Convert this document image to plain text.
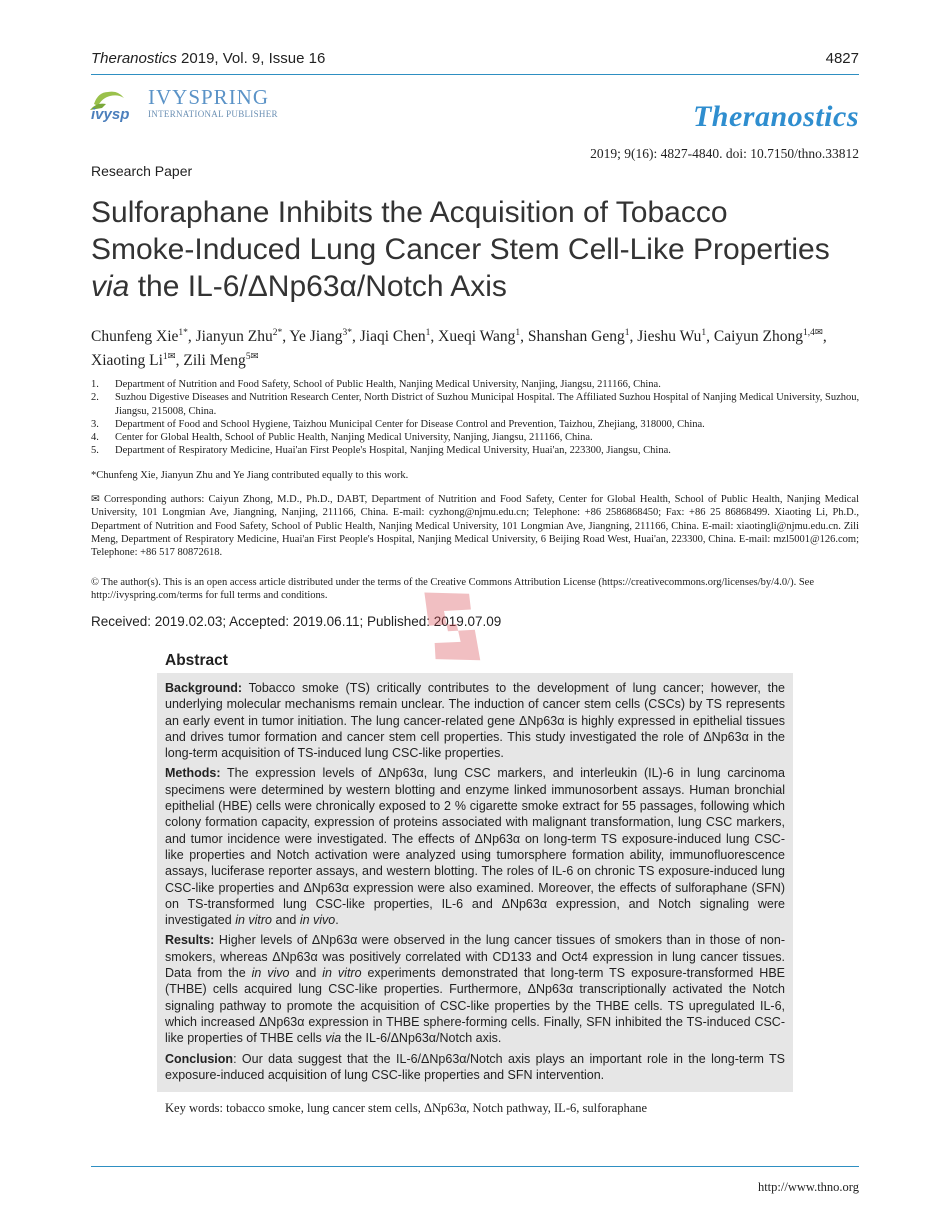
Theranostics 2019, Vol. 9, Issue 16	4827
ivysp
IVYSPRING
INTERNATIONAL PUBLISHER	Theranostics
2019; 9(16): 4827-4840. doi: 10.7150/thno.33812
Research Paper
Sulforaphane Inhibits the Acquisition of Tobacco
Smoke-Induced Lung Cancer Stem Cell-Like Properties
via the IL-6/ΔNp63α/Notch Axis
Chunfeng Xie$^{1*}$, Jianyun Zhu$^{2*}$, Ye Jiang$^{3*}$, Jiaqi Chen$^1$, Xueqi Wang$^1$, Shanshan Geng$^1$, Jieshu Wu$^1$, Caiyun Zhong$^{1,4✉}$, Xiaoting $Li^{1✉}$, Zili Meng$^{5✉}$
1.	Department of Nutrition and Food Safety, School of Public Health, Nanjing Medical University, Nanjing, Jiangsu, 211166, China.
2.	Suzhou Digestive Diseases and Nutrition Research Center, North District of Suzhou Municipal Hospital. The Affiliated Suzhou Hospital of Nanjing Medical University, Suzhou, Jiangsu, 215008, China.
3.	Department of Food and School Hygiene, Taizhou Municipal Center for Disease Control and Prevention, Taizhou, Zhejiang, 318000, China.
4.	Center for Global Health, School of Public Health, Nanjing Medical University, Nanjing, Jiangsu, 211166, China.
5.	Department of Respiratory Medicine, Huai'an First People's Hospital, Nanjing Medical University, Huai'an, 223300, Jiangsu, China.
*Chunfeng Xie, Jianyun Zhu and Ye Jiang contributed equally to this work.
✉ Corresponding authors: Caiyun Zhong, M.D., Ph.D., DABT, Department of Nutrition and Food Safety, Center for Global Health, School of Public Health, Nanjing Medical University, 101 Longmian Ave, Jiangning, Nanjing, 211166, China. E-mail: cyzhong@njmu.edu.cn; Telephone: +86 2586868450; Fax: +86 25 86868499. Xiaoting Li, Ph.D., Department of Nutrition and Food Safety, School of Public Health, Nanjing Medical University, 101 Longmian Ave, Jiangning, 211166, China. E-mail: xiaotingli@njmu.edu.cn. Zili Meng, Department of Respiratory Medicine, Huai'an First People's Hospital, Nanjing Medical University, 6 Beijing Road West, Huai'an, 223300, China. E-mail: mzl5001@126.com; Telephone: +86 517 80872618.
© The author(s). This is an open access article distributed under the terms of the Creative Commons Attribution License (https://creativecommons.org/licenses/by/4.0/). See http://ivyspring.com/terms for full terms and conditions.
Received: 2019.02.03; Accepted: 2019.06.11; Published: 2019.07.09
Abstract

Background: Tobacco smoke (TS) critically contributes to the development of lung cancer; however, the underlying molecular mechanisms remain unclear. The induction of cancer stem cells (CSCs) by TS represents an early event in tumor initiation. The lung cancer-related gene ΔNp63α is highly expressed in epithelial tissues and drives tumor formation and cancer stem cell properties. This study investigated the role of ΔNp63α in the long-term acquisition of TS-induced lung CSC-like properties.

Methods: The expression levels of ΔNp63α, lung CSC markers, and interleukin (IL)-6 in lung carcinoma specimens were determined by western blotting and enzyme linked immunosorbent assays. Human bronchial epithelial (HBE) cells were chronically exposed to 2 % cigarette smoke extract for 55 passages, following which colony formation capacity, expression of proteins associated with malignant transformation, lung CSC markers, and tumor incidence were investigated. The effects of ΔNp63α on long-term TS exposure-induced lung CSC-like properties and Notch activation were analyzed using tumorsphere formation ability, immunofluorescence assays, luciferase reporter assays, and western blotting. The roles of IL-6 on chronic TS exposure-induced lung CSC-like properties and ΔNp63α expression were also examined. Moreover, the effects of sulforaphane (SFN) on TS-transformed lung CSC-like properties, IL-6 and ΔNp63α expression, and Notch signaling were investigated in vitro and in vivo.

Results: Higher levels of ΔNp63α were observed in the lung cancer tissues of smokers than in those of non-smokers, whereas ΔNp63α was positively correlated with CD133 and Oct4 expression in lung cancer tissues. Data from the in vivo and in vitro experiments demonstrated that long-term TS exposure-transformed HBE (THBE) cells acquired lung CSC-like properties. Furthermore, ΔNp63α transcriptionally activated the Notch signaling pathway to promote the acquisition of CSC-like properties by the THBE cells. TS upregulated IL-6, which increased ΔNp63α expression in THBE sphere-forming cells. Finally, SFN inhibited the TS-induced CSC-like properties of THBE cells via the IL-6/ΔNp63α/Notch axis.

Conclusion: Our data suggest that the IL-6/ΔNp63α/Notch axis plays an important role in the long-term TS exposure-induced acquisition of lung CSC-like properties and SFN intervention.

Key words: tobacco smoke, lung cancer stem cells, ΔNp63α, Notch pathway, IL-6, sulforaphane
http://www.thno.org
